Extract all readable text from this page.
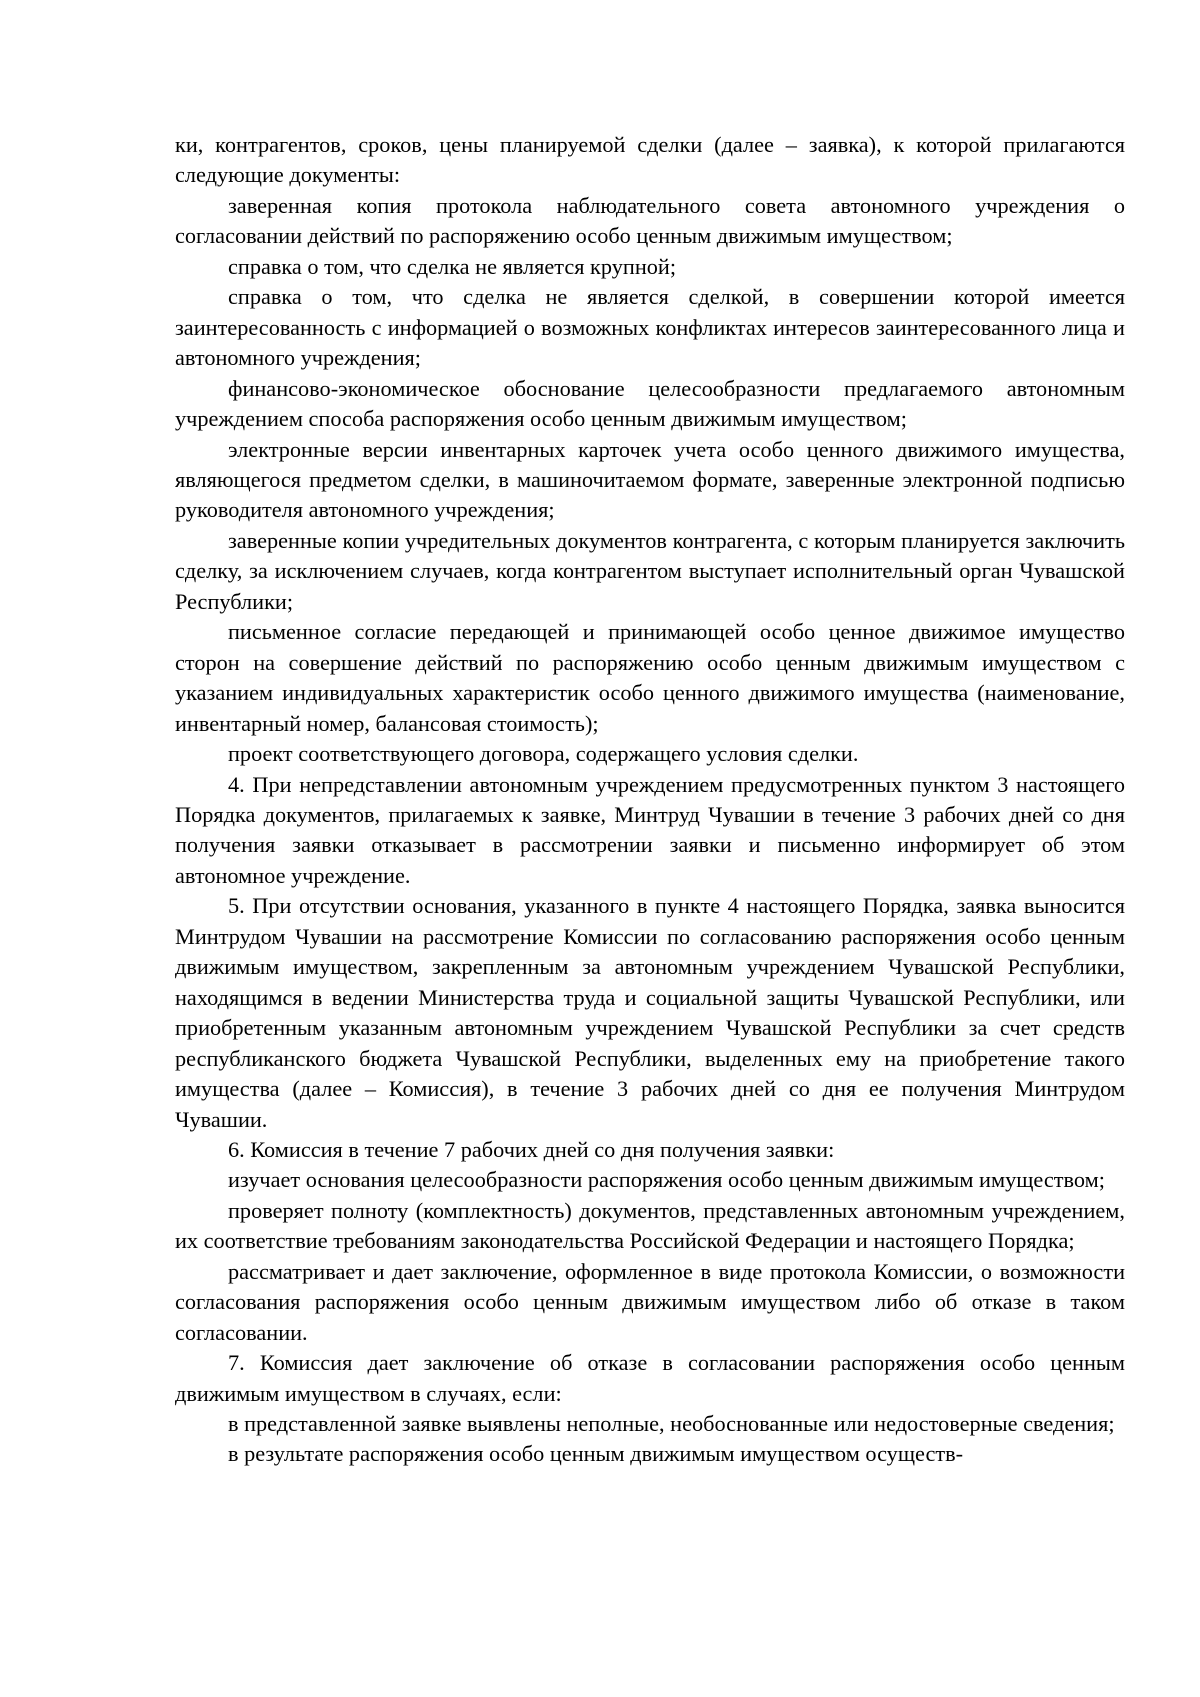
ки, контрагентов, сроков, цены планируемой сделки (далее – заявка), к которой прилагаются следующие документы:

заверенная копия протокола наблюдательного совета автономного учреждения о согласовании действий по распоряжению особо ценным движимым имуществом;

справка о том, что сделка не является крупной;

справка о том, что сделка не является сделкой, в совершении которой имеется заинтересованность с информацией о возможных конфликтах интересов заинтересованного лица и автономного учреждения;

финансово-экономическое обоснование целесообразности предлагаемого автономным учреждением способа распоряжения особо ценным движимым имуществом;

электронные версии инвентарных карточек учета особо ценного движимого имущества, являющегося предметом сделки, в машиночитаемом формате, заверенные электронной подписью руководителя автономного учреждения;

заверенные копии учредительных документов контрагента, с которым планируется заключить сделку, за исключением случаев, когда контрагентом выступает исполнительный орган Чувашской Республики;

письменное согласие передающей и принимающей особо ценное движимое имущество сторон на совершение действий по распоряжению особо ценным движимым имуществом с указанием индивидуальных характеристик особо ценного движимого имущества (наименование, инвентарный номер, балансовая стоимость);

проект соответствующего договора, содержащего условия сделки.

4. При непредставлении автономным учреждением предусмотренных пунктом 3 настоящего Порядка документов, прилагаемых к заявке, Минтруд Чувашии в течение 3 рабочих дней со дня получения заявки отказывает в рассмотрении заявки и письменно информирует об этом автономное учреждение.

5. При отсутствии основания, указанного в пункте 4 настоящего Порядка, заявка выносится Минтрудом Чувашии на рассмотрение Комиссии по согласованию распоряжения особо ценным движимым имуществом, закрепленным за автономным учреждением Чувашской Республики, находящимся в ведении Министерства труда и социальной защиты Чувашской Республики, или приобретенным указанным автономным учреждением Чувашской Республики за счет средств республиканского бюджета Чувашской Республики, выделенных ему на приобретение такого имущества (далее – Комиссия), в течение 3 рабочих дней со дня ее получения Минтрудом Чувашии.

6. Комиссия в течение 7 рабочих дней со дня получения заявки:

изучает основания целесообразности распоряжения особо ценным движимым имуществом;

проверяет полноту (комплектность) документов, представленных автономным учреждением, их соответствие требованиям законодательства Российской Федерации и настоящего Порядка;

рассматривает и дает заключение, оформленное в виде протокола Комиссии, о возможности согласования распоряжения особо ценным движимым имуществом либо об отказе в таком согласовании.

7. Комиссия дает заключение об отказе в согласовании распоряжения особо ценным движимым имуществом в случаях, если:

в представленной заявке выявлены неполные, необоснованные или недостоверные сведения;

в результате распоряжения особо ценным движимым имуществом осуществ-
